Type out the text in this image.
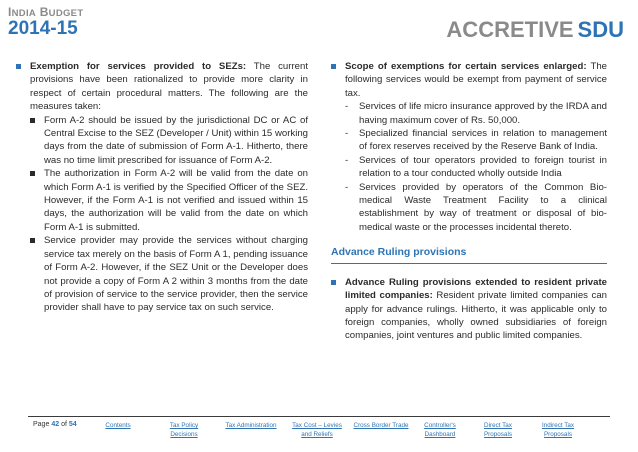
INDIA BUDGET
2014-15	ACCRETIVE SDU
Exemption for services provided to SEZs: The current provisions have been rationalized to provide more clarity in respect of certain procedural matters. The following are the measures taken:
Form A-2 should be issued by the jurisdictional DC or AC of Central Excise to the SEZ (Developer / Unit) within 15 working days from the date of submission of Form A-1. Hitherto, there was no time limit prescribed for issuance of Form A-2.
The authorization in Form A-2 will be valid from the date on which Form A-1 is verified by the Specified Officer of the SEZ. However, if the Form A-1 is not verified and issued within 15 days, the authorization will be valid from the date on which Form A-1 is submitted.
Service provider may provide the services without charging service tax merely on the basis of Form A 1, pending issuance of Form A-2. However, if the SEZ Unit or the Developer does not provide a copy of Form A 2 within 3 months from the date of provision of service to the service provider, then the service provider shall have to pay service tax on such service.
Scope of exemptions for certain services enlarged: The following services would be exempt from payment of service tax.
- Services of life micro insurance approved by the IRDA and having maximum cover of Rs. 50,000.
- Specialized financial services in relation to management of forex reserves received by the Reserve Bank of India.
- Services of tour operators provided to foreign tourist in relation to a tour conducted wholly outside India
- Services provided by operators of the Common Bio-medical Waste Treatment Facility to a clinical establishment by way of treatment or disposal of bio-medical waste or the processes incidental thereto.
Advance Ruling provisions
Advance Ruling provisions extended to resident private limited companies: Resident private limited companies can apply for advance rulings. Hitherto, it was applicable only to foreign companies, wholly owned subsidiaries of foreign companies, joint ventures and public limited companies.
Page 42 of 54	Contents	Tax Policy
Decisions
Tax Administration	Tax Cost – Levies
and Reliefs
Cross Border Trade	Controller's
Dashboard
Direct Tax
Proposals
Indirect Tax
Proposals
